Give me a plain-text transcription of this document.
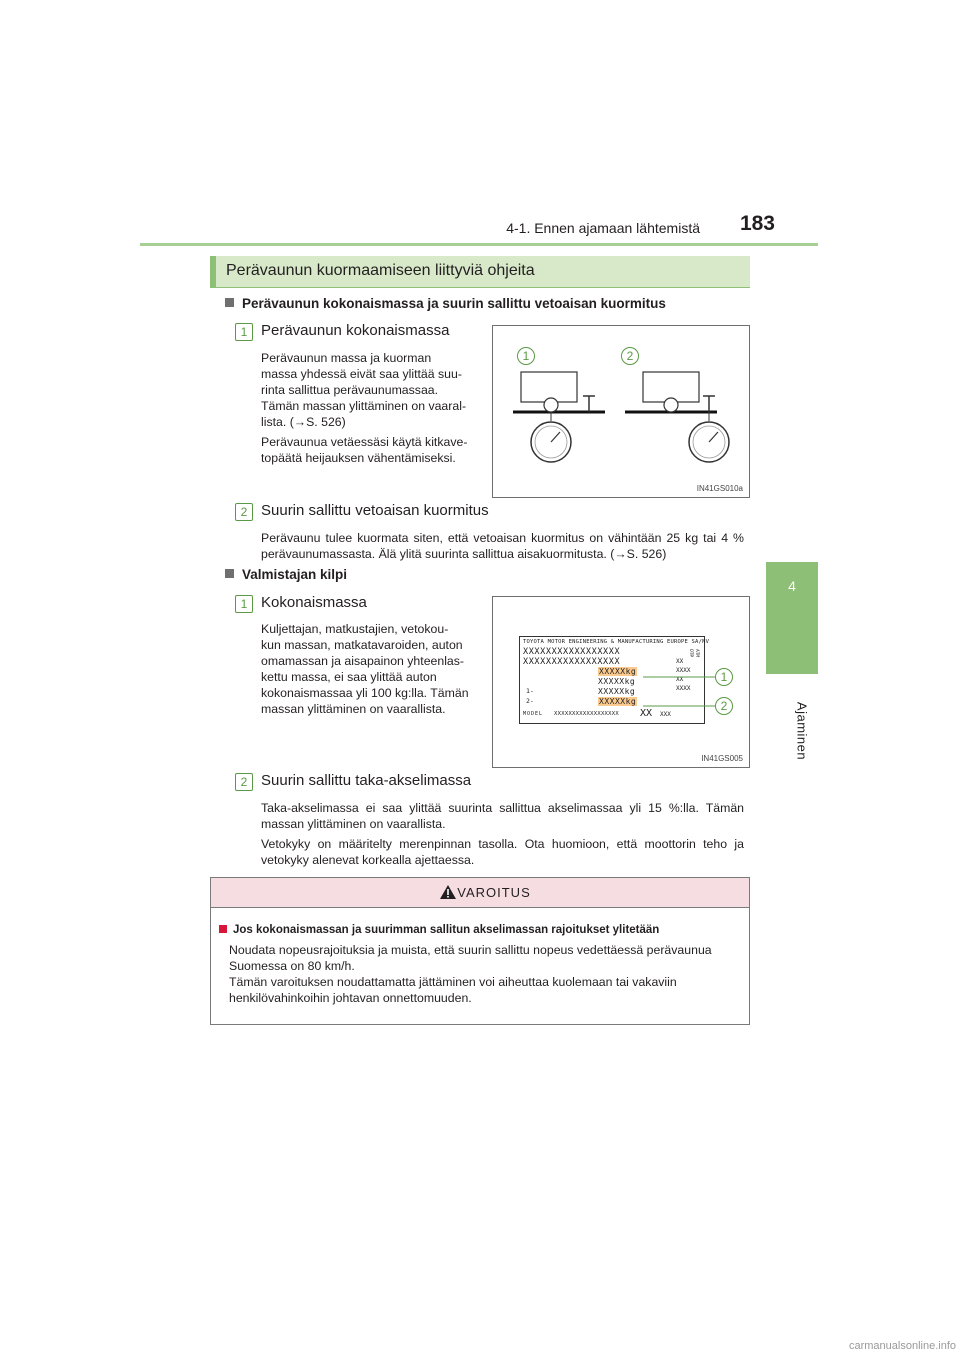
4-1. Ennen ajamaan lähtemistä	183
4
Ajaminen
Perävaunun kuormaamiseen liittyviä ohjeita
Perävaunun kokonaismassa ja suurin sallittu vetoaisan kuormitus
1 Perävaunun kokonaismassa
Perävaunun massa ja kuorman
massa yhdessä eivät saa ylittää suu-
rinta sallittua perävaunumassaa.
Tämän massan ylittäminen on vaaral-
lista. (→S. 526)
Perävaunua vetäessäsi käytä kitkave-
topäätä heijauksen vähentämiseksi.
1	2
IN41GS010a
2 Suurin sallittu vetoaisan kuormitus
Perävaunu tulee kuormata siten, että vetoaisan kuormitus on vähintään 25 kg tai 4 % perävaunumassasta. Älä ylitä suurinta sallittua aisakuormitusta. (→S. 526)
Valmistajan kilpi
1 Kokonaismassa
Kuljettajan, matkustajien, vetokou-
kun massan, matkatavaroiden, auton
omamassan ja aisapainon yhteenlas-
kettu massa, ei saa ylittää auton
kokonaismassaa yli 100 kg:lla. Tämän
massan ylittäminen on vaarallista.
TOYOTA MOTOR ENGINEERING & MANUFACTURING EUROPE SA/NV
XXXXXXXXXXXXXXXXX
XXXXXXXXXXXXXXXXX
XXXXXkg
XXXXXkg
1-	XXXXXkg
2-	XXXXXkg
MODEL XXXXXXXXXXXXXXXXXX XX XXX
OTP ATM
XX
XXXX
XX
XXXX
1
2
IN41GS005
2 Suurin sallittu taka-akselimassa

Taka-akselimassa ei saa ylittää suurinta sallittua akselimassaa yli 15 %:lla. Tämän massan ylittäminen on vaarallista.

Vetokyky on määritelty merenpinnan tasolla. Ota huomioon, että moottorin teho ja vetokyky alenevat korkealla ajettaessa.

VAROITUS
Jos kokonaismassan ja suurimman sallitun akselimassan rajoitukset ylitetään

Noudata nopeusrajoituksia ja muista, että suurin sallittu nopeus vedettäessä perävaunua

Suomessa on 80 km/h.

Tämän varoituksen noudattamatta jättäminen voi aiheuttaa kuolemaan tai vakaviin

henkilövahinkoihin johtavan onnettomuuden.

carmanualsonline.info
